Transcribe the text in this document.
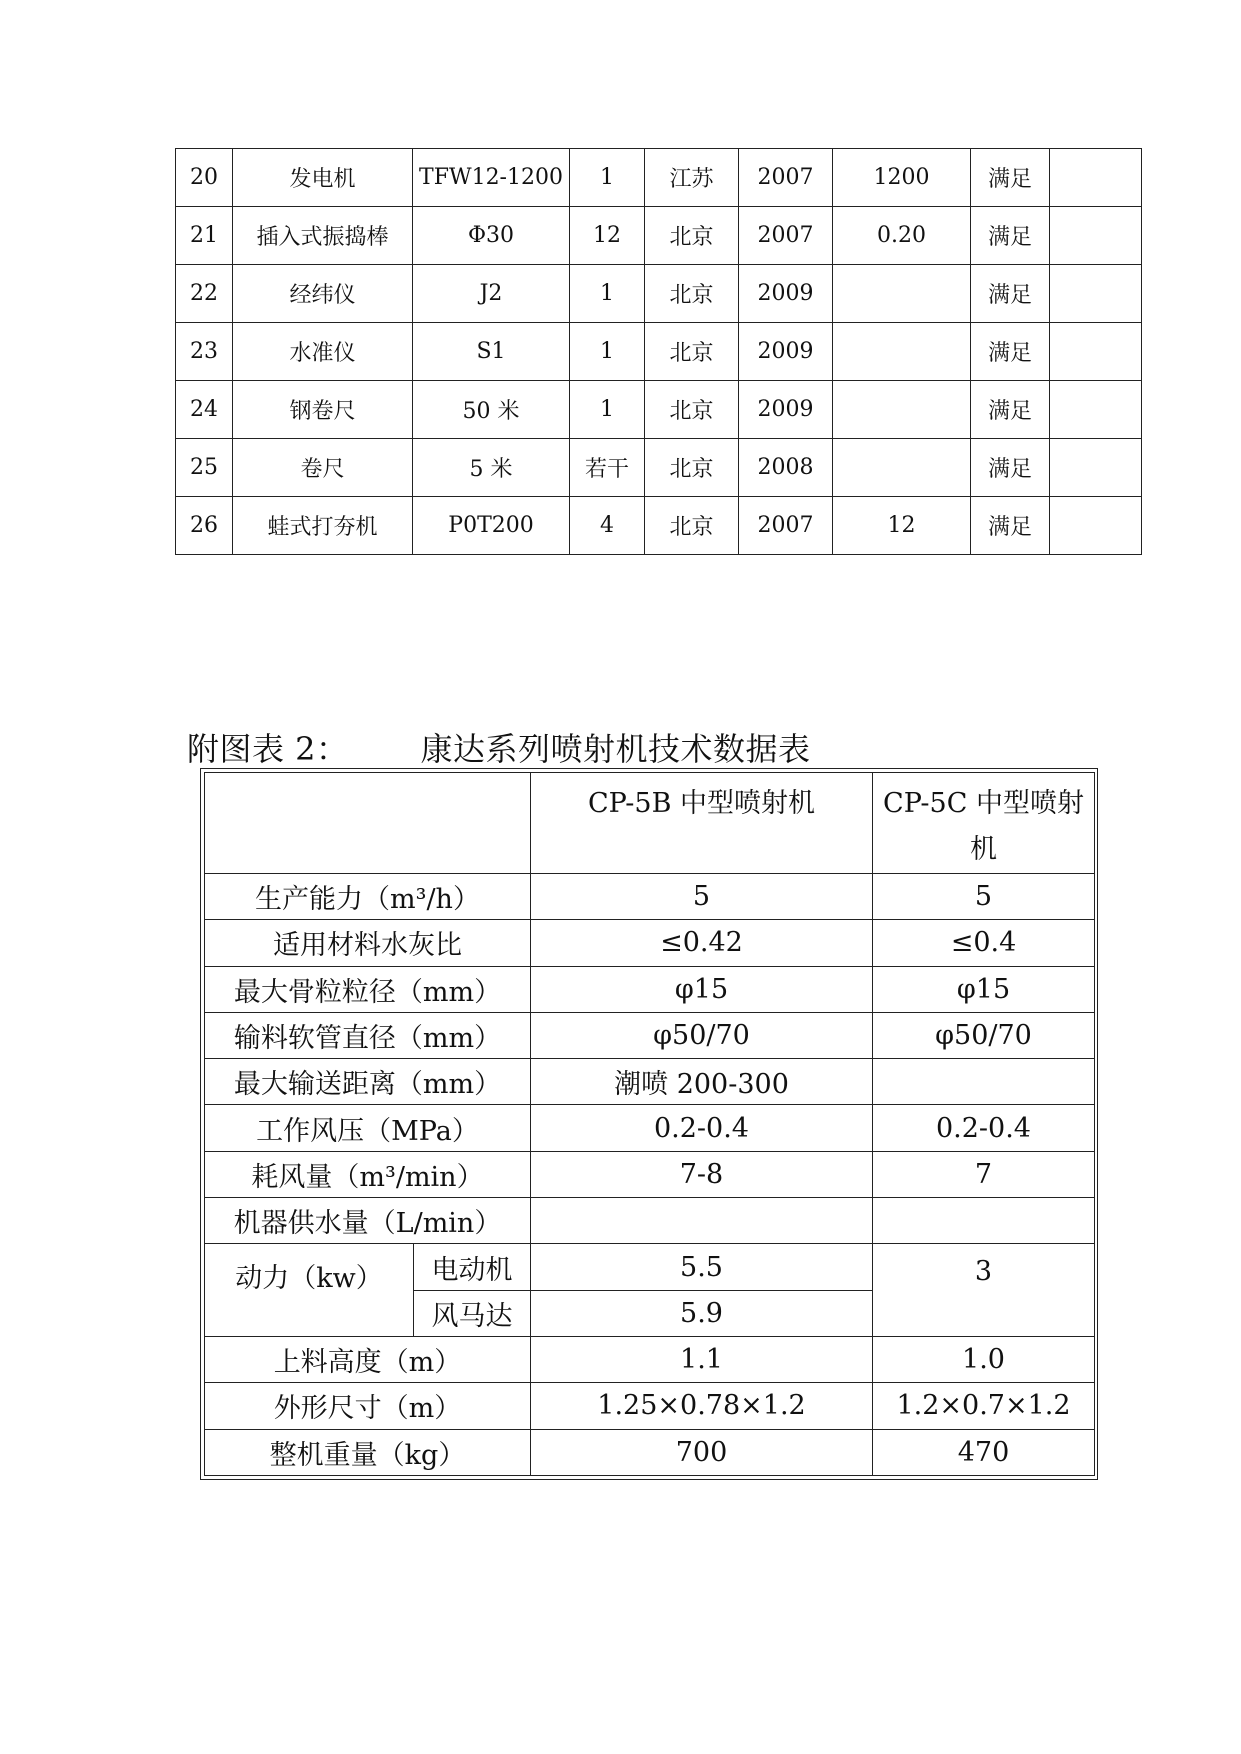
20	发电机	TFW12-1200	1	江苏	2007	1200	满足	
21	插入式振捣棒	Φ30	12	北京	2007	0.20	满足	
22	经纬仪	J2	1	北京	2009		满足	
23	水准仪	S1	1	北京	2009		满足	
24	钢卷尺	50 米	1	北京	2009		满足	
25	卷尺	5 米	若干	北京	2008		满足	
26	蛙式打夯机	P0T200	4	北京	2007	12	满足	
附图表 2： 康达系列喷射机技术数据表
		CP-5B 中型喷射机	CP-5C 中型喷射机
生产能力（m³/h）		5	5
适用材料水灰比		≤0.42	≤0.4
最大骨粒粒径（mm）		φ15	φ15
输料软管直径（mm）		φ50/70	φ50/70
最大输送距离（mm）		潮喷 200-300	
工作风压（MPa）		0.2-0.4	0.2-0.4
耗风量（m³/min）		7-8	7
机器供水量（L/min）			
动力（kw）	电动机	5.5	3
	风马达	5.9	
上料高度（m）		1.1	1.0
外形尺寸（m）		1.25×0.78×1.2	1.2×0.7×1.2
整机重量（kg）		700	470
